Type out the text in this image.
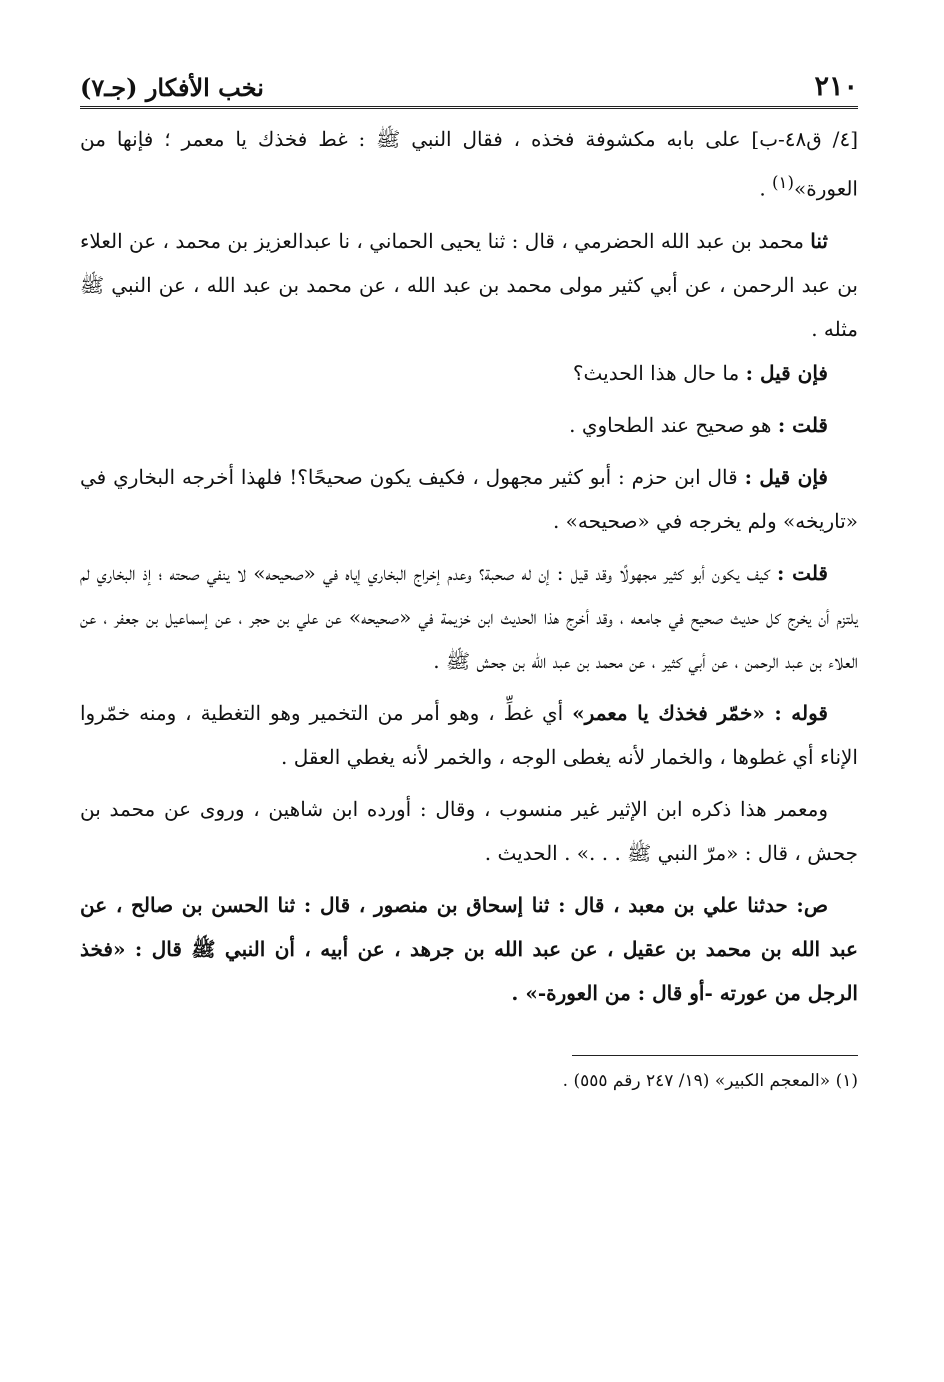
٢١٠
نخب الأفكار (جـ٧)

[٤/ ق٤٨-ب] على بابه مكشوفة فخذه ، فقال النبي ﷺ : غط فخذك يا معمر ؛ فإنها من العورة»$^{(١)}$ .

ثنا محمد بن عبد الله الحضرمي ، قال : ثنا يحيى الحماني ، نا عبدالعزيز بن محمد ، عن العلاء بن عبد الرحمن ، عن أبي كثير مولى محمد بن عبد الله ، عن محمد بن عبد الله ، عن النبي ﷺ مثله .

فإن قيل : ما حال هذا الحديث؟

قلت : هو صحيح عند الطحاوي .

فإن قيل : قال ابن حزم : أبو كثير مجهول ، فكيف يكون صحيحًا؟! فلهذا أخرجه البخاري في «تاريخه» ولم يخرجه في «صحيحه» .

قلت : كيف يكون أبو كثير مجهولًا وقد قيل : إن له صحبة؟ وعدم إخراج البخاري إياه في «صحيحه» لا ينفي صحته ؛ إذ البخاري لم يلتزم أن يخرج كل حديث صحيح في جامعه ، وقد أخرج هذا الحديث ابن خزيمة في «صحيحه» عن علي بن حجر ، عن إسماعيل بن جعفر ، عن العلاء بن عبد الرحمن ، عن أبي كثير ، عن محمد بن عبد الله بن جحش ﷺ .

قوله : «خمّر فخذك يا معمر» أي غطِّ ، وهو أمر من التخمير وهو التغطية ، ومنه خمّروا الإناء أي غطوها ، والخمار لأنه يغطى الوجه ، والخمر لأنه يغطي العقل .

ومعمر هذا ذكره ابن الإثير غير منسوب ، وقال : أورده ابن شاهين ، وروى عن محمد بن جحش ، قال : «مرّ النبي ﷺ . . .» . الحديث .

ص: حدثنا علي بن معبد ، قال : ثنا إسحاق بن منصور ، قال : ثنا الحسن بن صالح ، عن عبد الله بن محمد بن عقيل ، عن عبد الله بن جرهد ، عن أبيه ، أن النبي ﷺ قال : «فخذ الرجل من عورته -أو قال : من العورة-» .

(١) «المعجم الكبير» (١٩/ ٢٤٧ رقم ٥٥٥) .
